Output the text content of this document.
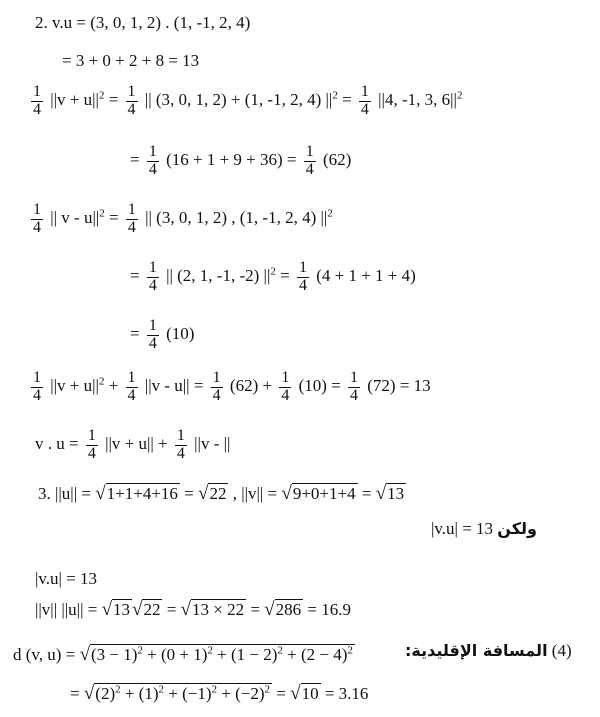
2. v.u = (3, 0, 1, 2) . (1, -1, 2, 4)
= 3 + 0 + 2 + 8 = 13
$\frac{1}{4} ||v + u||^2 = \frac{1}{4}$ || (3, 0, 1, 2) + (1, -1, 2, 4) $||^2 = \frac{1}{4} ||4$, -1, 3, $6||^2$
= $\frac{1}{4} (16 + 1 + 9 + 36) = \frac{1}{4} (62)$
$\frac{1}{4}$ || $v - u||^2 = \frac{1}{4}$ || (3, 0, 1, 2) , (1, -1, 2, 4) $||^2$
= $\frac{1}{4}$ || (2, 1, -1, -2) $||^2 = \frac{1}{4} (4 + 1 + 1 + 4)$
= $\frac{1}{4} (10)$
$\frac{1}{4} ||v + u||^2 + \frac{1}{4} ||v - u|| = \frac{1}{4} (62) + \frac{1}{4} (10) = \frac{1}{4} (72) = 13$
v . $u = \frac{1}{4} ||v + u|| + \frac{1}{4} ||v$ - ||
3. ||u|| = √1+1+4+16 = √22 , ||v|| = √9+0+1+4 = √13
|v.u| = 13 ولكن
|v.u| = 13
||v|| ||u|| = √13 √22 = √13 × 22 = √286 = 16.9
d (v, $u) = √(3 - 1)^2 + (0 + 1)^2 + (1 - 2)^2 + (2 - 4)^2$	المسافة الإقليدية: (4)
= $√(2)^2 + (1)^2 + (-1)^2 + (-2)^2 = √10 = 3.16$
